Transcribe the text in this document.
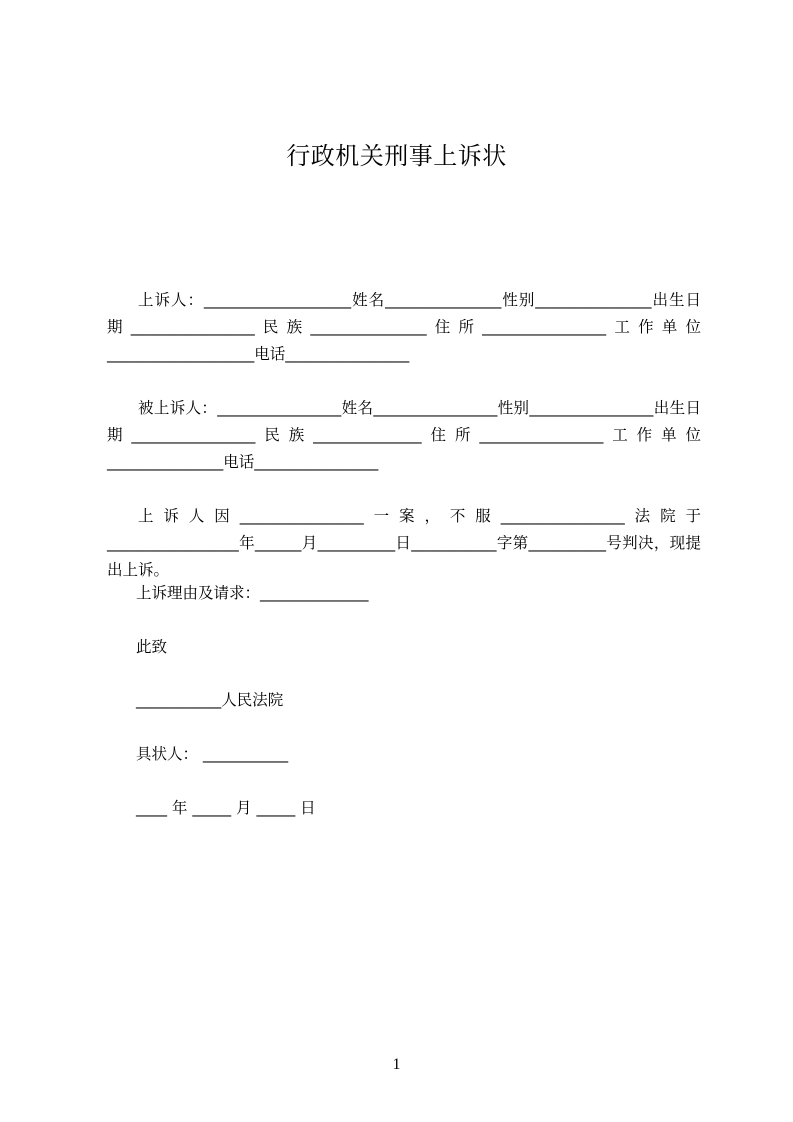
行政机关刑事上诉状

上诉人：___________________姓名_______________性别_______________出生日期________________民族_______________住所________________工作单位___________________电话________________

被上诉人：________________姓名________________性别________________出生日期________________民族______________住所________________工作单位_______________电话________________

上诉人因________________一案，不服________________法院于_________________年______月__________日___________字第__________号判决，现提出上诉。

上诉理由及请求：______________
此致
___________人民法院
具状人： ___________
____ 年 _____ 月 _____ 日
1
